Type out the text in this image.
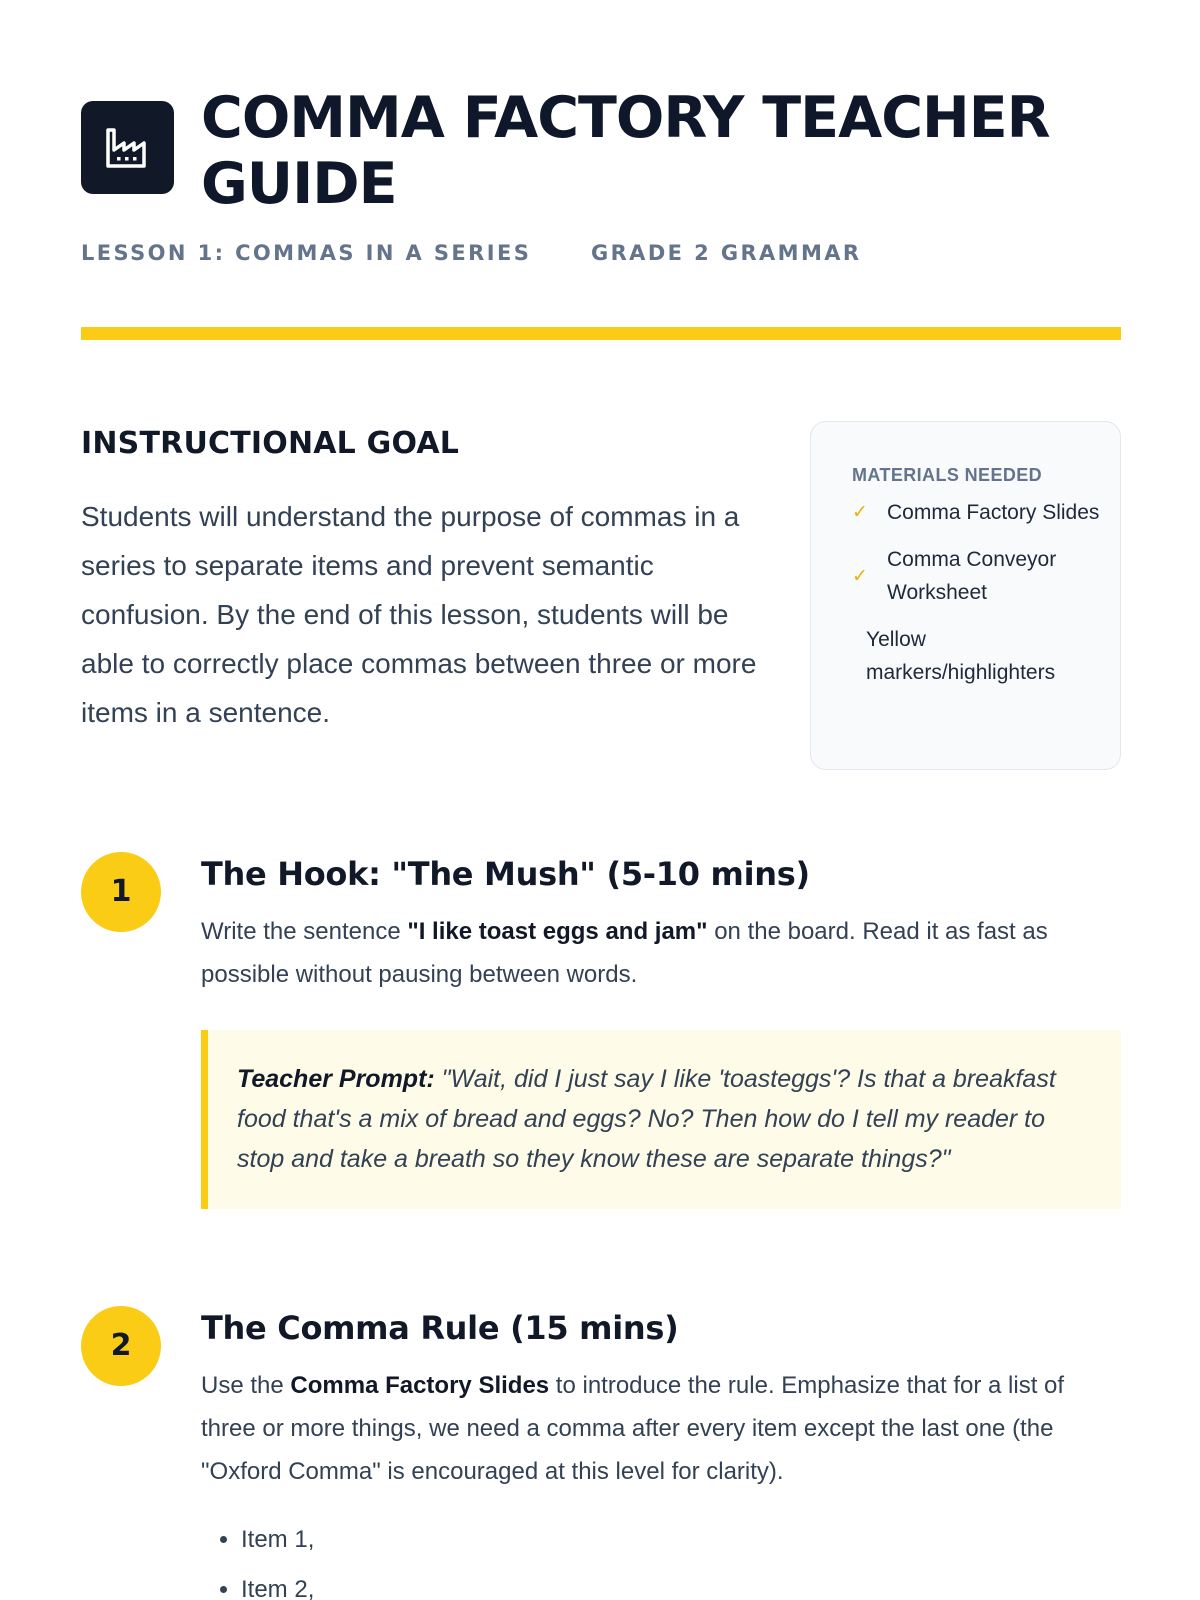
COMMA FACTORY TEACHER GUIDE
LESSON 1: COMMAS IN A SERIES	GRADE 2 GRAMMAR
INSTRUCTIONAL GOAL

Students will understand the purpose of commas in a series to separate items and prevent semantic confusion. By the end of this lesson, students will be able to correctly place commas between three or more items in a sentence.

MATERIALS NEEDED
✓ Comma Factory Slides
✓
Comma Conveyor Worksheet
Yellow markers/highlighters
1	The Hook: "The Mush" (5-10 mins)

Write the sentence "I like toast eggs and jam" on the board. Read it as fast as possible without pausing between words.

Teacher Prompt: "Wait, did I just say I like 'toasteggs'? Is that a breakfast food that's a mix of bread and eggs? No? Then how do I tell my reader to stop and take a breath so they know these are separate things?"
2	The Comma Rule (15 mins)

Use the Comma Factory Slides to introduce the rule. Emphasize that for a list of three or more things, we need a comma after every item except the last one (the "Oxford Comma" is encouraged at this level for clarity).

• Item 1,
• Item 2,
